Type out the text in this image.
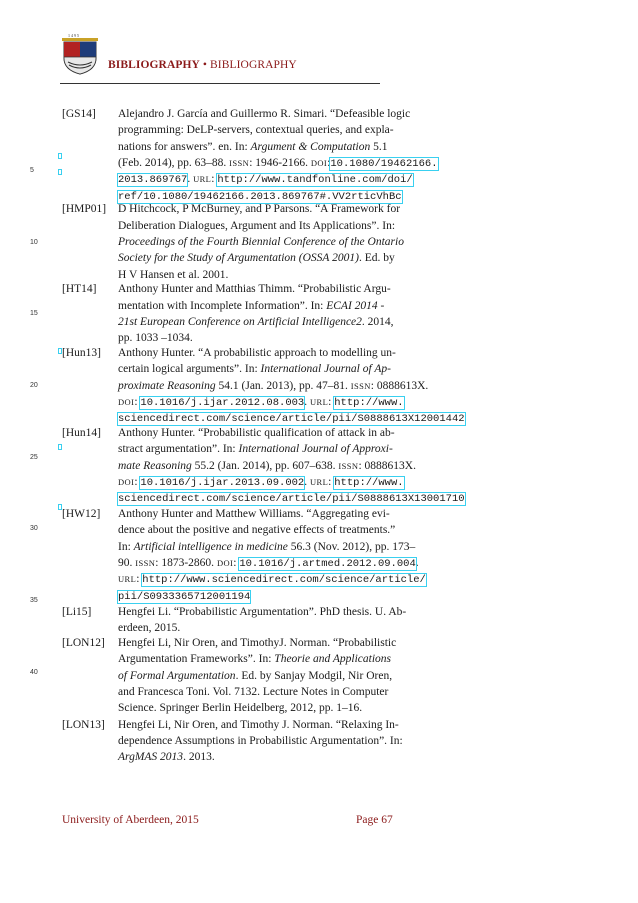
1 4 9 5
BIBLIOGRAPHY • BIBLIOGRAPHY
5
10
15
20
25
30
35
40
[GS14] Alejandro J. García and Guillermo R. Simari. “Defeasible logic
programming: DeLP-servers, contextual queries, and expla-
nations for answers”. en. In: Argument & Computation 5.1
(Feb. 2014), pp. 63–88. ISSN: 1946-2166. DOI:10.1080/19462166.
2013.869767. URL: http://www.tandfonline.com/doi/
ref/10.1080/19462166.2013.869767#.VV2rticVhBc
[HMP01] D Hitchcock, P McBurney, and P Parsons. “A Framework for
Deliberation Dialogues, Argument and Its Applications”. In:
Proceedings of the Fourth Biennial Conference of the Ontario
Society for the Study of Argumentation (OSSA 2001). Ed. by
H V Hansen et al. 2001.
[HT14] Anthony Hunter and Matthias Thimm. “Probabilistic Argu-
mentation with Incomplete Information”. In: ECAI 2014 -
21st European Conference on Artificial Intelligence2. 2014,
pp. 1033 –1034.
[Hun13] Anthony Hunter. “A probabilistic approach to modelling un-
certain logical arguments”. In: International Journal of Ap-
proximate Reasoning 54.1 (Jan. 2013), pp. 47–81. ISSN: 0888613X.
DOI: 10.1016/j.ijar.2012.08.003. URL: http://www.
sciencedirect.com/science/article/pii/S0888613X12001442
[Hun14] Anthony Hunter. “Probabilistic qualification of attack in ab-
stract argumentation”. In: International Journal of Approxi-
mate Reasoning 55.2 (Jan. 2014), pp. 607–638. ISSN: 0888613X.
DOI: 10.1016/j.ijar.2013.09.002. URL: http://www.
sciencedirect.com/science/article/pii/S0888613X13001710
[HW12] Anthony Hunter and Matthew Williams. “Aggregating evi-
dence about the positive and negative effects of treatments.”
In: Artificial intelligence in medicine 56.3 (Nov. 2012), pp. 173–
90. ISSN: 1873-2860. DOI: 10.1016/j.artmed.2012.09.004.
URL: http://www.sciencedirect.com/science/article/
pii/S0933365712001194
[Li15] Hengfei Li. “Probabilistic Argumentation”. PhD thesis. U. Ab-
erdeen, 2015.
[LON12] Hengfei Li, Nir Oren, and TimothyJ. Norman. “Probabilistic
Argumentation Frameworks”. In: Theorie and Applications
of Formal Argumentation. Ed. by Sanjay Modgil, Nir Oren,
and Francesca Toni. Vol. 7132. Lecture Notes in Computer
Science. Springer Berlin Heidelberg, 2012, pp. 1–16.
[LON13] Hengfei Li, Nir Oren, and Timothy J. Norman. “Relaxing In-
dependence Assumptions in Probabilistic Argumentation”. In:
ArgMAS 2013. 2013.
University of Aberdeen, 2015	Page 67
